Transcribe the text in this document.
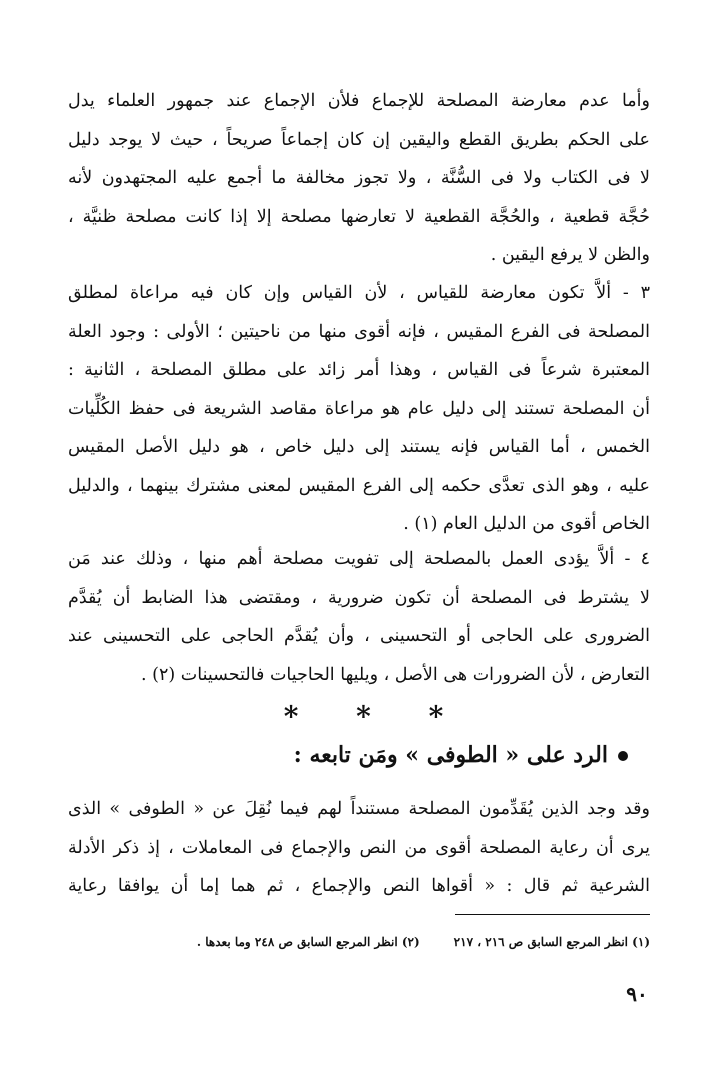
وأما عدم معارضة المصلحة للإجماع فلأن الإجماع عند جمهور العلماء يدل

على الحكم بطريق القطع واليقين إن كان إجماعاً صريحاً ، حيث لا يوجد دليل

لا فى الكتاب ولا فى السُّنَّة ، ولا تجوز مخالفة ما أجمع عليه المجتهدون لأنه

حُجَّة قطعية ، والحُجَّة القطعية لا تعارضها مصلحة إلا إذا كانت مصلحة ظنيَّة ،

والظن لا يرفع اليقين .

٣ - ألاَّ تكون معارضة للقياس ، لأن القياس وإن كان فيه مراعاة لمطلق

المصلحة فى الفرع المقيس ، فإنه أقوى منها من ناحيتين ؛ الأولى : وجود العلة

المعتبرة شرعاً فى القياس ، وهذا أمر زائد على مطلق المصلحة ، الثانية :

أن المصلحة تستند إلى دليل عام هو مراعاة مقاصد الشريعة فى حفظ الكُلِّيات

الخمس ، أما القياس فإنه يستند إلى دليل خاص ، هو دليل الأصل المقيس

عليه ، وهو الذى تعدَّى حكمه إلى الفرع المقيس لمعنى مشترك بينهما ، والدليل

الخاص أقوى من الدليل العام (١) .

٤ - ألاَّ يؤدى العمل بالمصلحة إلى تفويت مصلحة أهم منها ، وذلك عند مَن

لا يشترط فى المصلحة أن تكون ضرورية ، ومقتضى هذا الضابط أن يُقدَّم

الضرورى على الحاجى أو التحسينى ، وأن يُقدَّم الحاجى على التحسينى عند

التعارض ، لأن الضرورات هى الأصل ، ويليها الحاجيات فالتحسينات (٢) .

* * *
الرد على « الطوفى » ومَن تابعه :

وقد وجد الذين يُقَدِّمون المصلحة مستنداً لهم فيما نُقِلَ عن « الطوفى » الذى

يرى أن رعاية المصلحة أقوى من النص والإجماع فى المعاملات ، إذ ذكر الأدلة

الشرعية ثم قال : « أقواها النص والإجماع ، ثم هما إما أن يوافقا رعاية

(١) انظر المرجع السابق ص ٢١٦ ، ٢١٧(٢) انظر المرجع السابق ص ٢٤٨ وما بعدها .
٩٠
